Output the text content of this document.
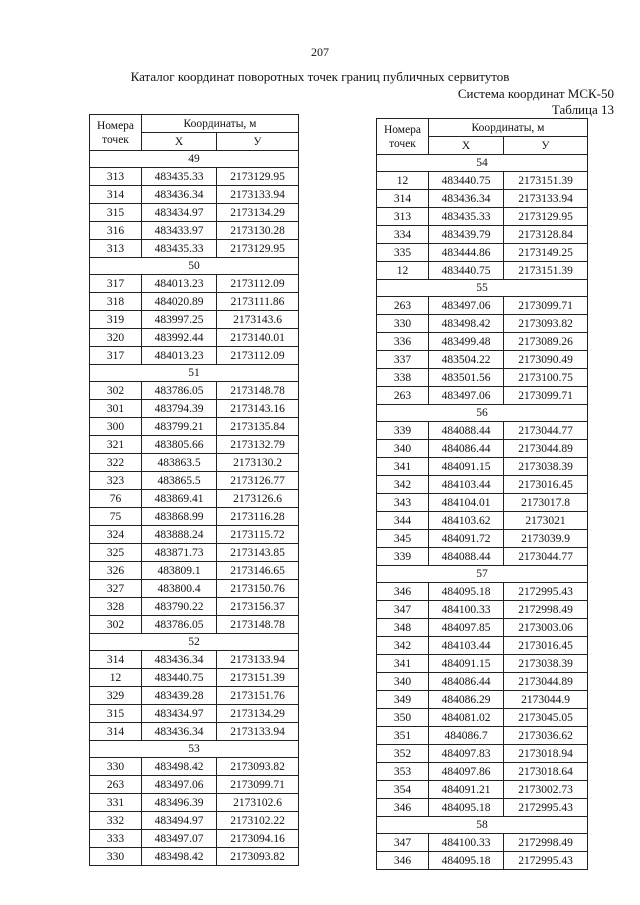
207
Каталог координат поворотных точек границ публичных сервитутов
Система координат МСК-50
Таблица 13
Номера точек	Координаты, м	
	Х	У
49		
313	483435.33	2173129.95
314	483436.34	2173133.94
315	483434.97	2173134.29
316	483433.97	2173130.28
313	483435.33	2173129.95
50		
317	484013.23	2173112.09
318	484020.89	2173111.86
319	483997.25	2173143.6
320	483992.44	2173140.01
317	484013.23	2173112.09
51		
302	483786.05	2173148.78
301	483794.39	2173143.16
300	483799.21	2173135.84
321	483805.66	2173132.79
322	483863.5	2173130.2
323	483865.5	2173126.77
76	483869.41	2173126.6
75	483868.99	2173116.28
324	483888.24	2173115.72
325	483871.73	2173143.85
326	483809.1	2173146.65
327	483800.4	2173150.76
328	483790.22	2173156.37
302	483786.05	2173148.78
52		
314	483436.34	2173133.94
12	483440.75	2173151.39
329	483439.28	2173151.76
315	483434.97	2173134.29
314	483436.34	2173133.94
53		
330	483498.42	2173093.82
263	483497.06	2173099.71
331	483496.39	2173102.6
332	483494.97	2173102.22
333	483497.07	2173094.16
330	483498.42	2173093.82
Номера точек	Координаты, м	
	Х	У
54		
12	483440.75	2173151.39
314	483436.34	2173133.94
313	483435.33	2173129.95
334	483439.79	2173128.84
335	483444.86	2173149.25
12	483440.75	2173151.39
55		
263	483497.06	2173099.71
330	483498.42	2173093.82
336	483499.48	2173089.26
337	483504.22	2173090.49
338	483501.56	2173100.75
263	483497.06	2173099.71
56		
339	484088.44	2173044.77
340	484086.44	2173044.89
341	484091.15	2173038.39
342	484103.44	2173016.45
343	484104.01	2173017.8
344	484103.62	2173021
345	484091.72	2173039.9
339	484088.44	2173044.77
57		
346	484095.18	2172995.43
347	484100.33	2172998.49
348	484097.85	2173003.06
342	484103.44	2173016.45
341	484091.15	2173038.39
340	484086.44	2173044.89
349	484086.29	2173044.9
350	484081.02	2173045.05
351	484086.7	2173036.62
352	484097.83	2173018.94
353	484097.86	2173018.64
354	484091.21	2173002.73
346	484095.18	2172995.43
58		
347	484100.33	2172998.49
346	484095.18	2172995.43
